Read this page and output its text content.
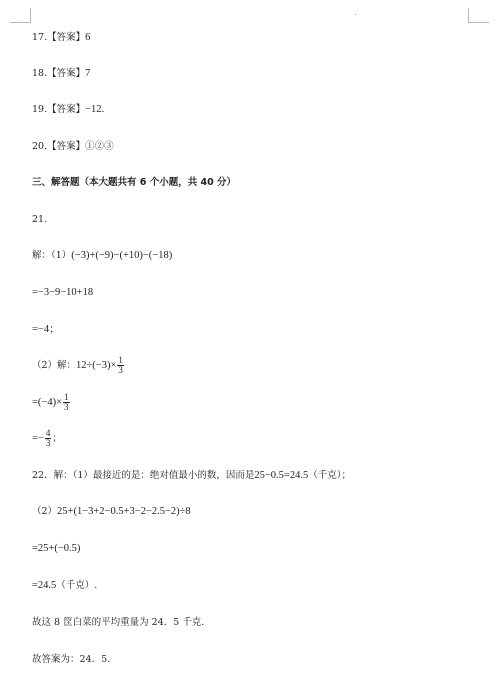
17.【答案】6
18.【答案】7
19.【答案】−12.
20.【答案】①②③
三、解答题（本大题共有 6 个小题，共 40 分）
21.
解：（1）(−3)+(−9)−(+10)−(−18)
=−3−9−10+18
=−4；
（2）解：$12\div(-3)\times \frac{1}{3}$
$=(-4)\times \frac{1}{3}$
=− $\frac{4}{3}$ ；
22．解：（1）最接近的是：绝对值最小的数，因而是25−0.5=24.5（千克）；
（2）25+(1−3+2−0.5+3−2−2.5−2)÷8
=25+(−0.5)
=24.5（千克）.
故这 8 筐白菜的平均重量为 24．5 千克.
故答案为：24．5.
